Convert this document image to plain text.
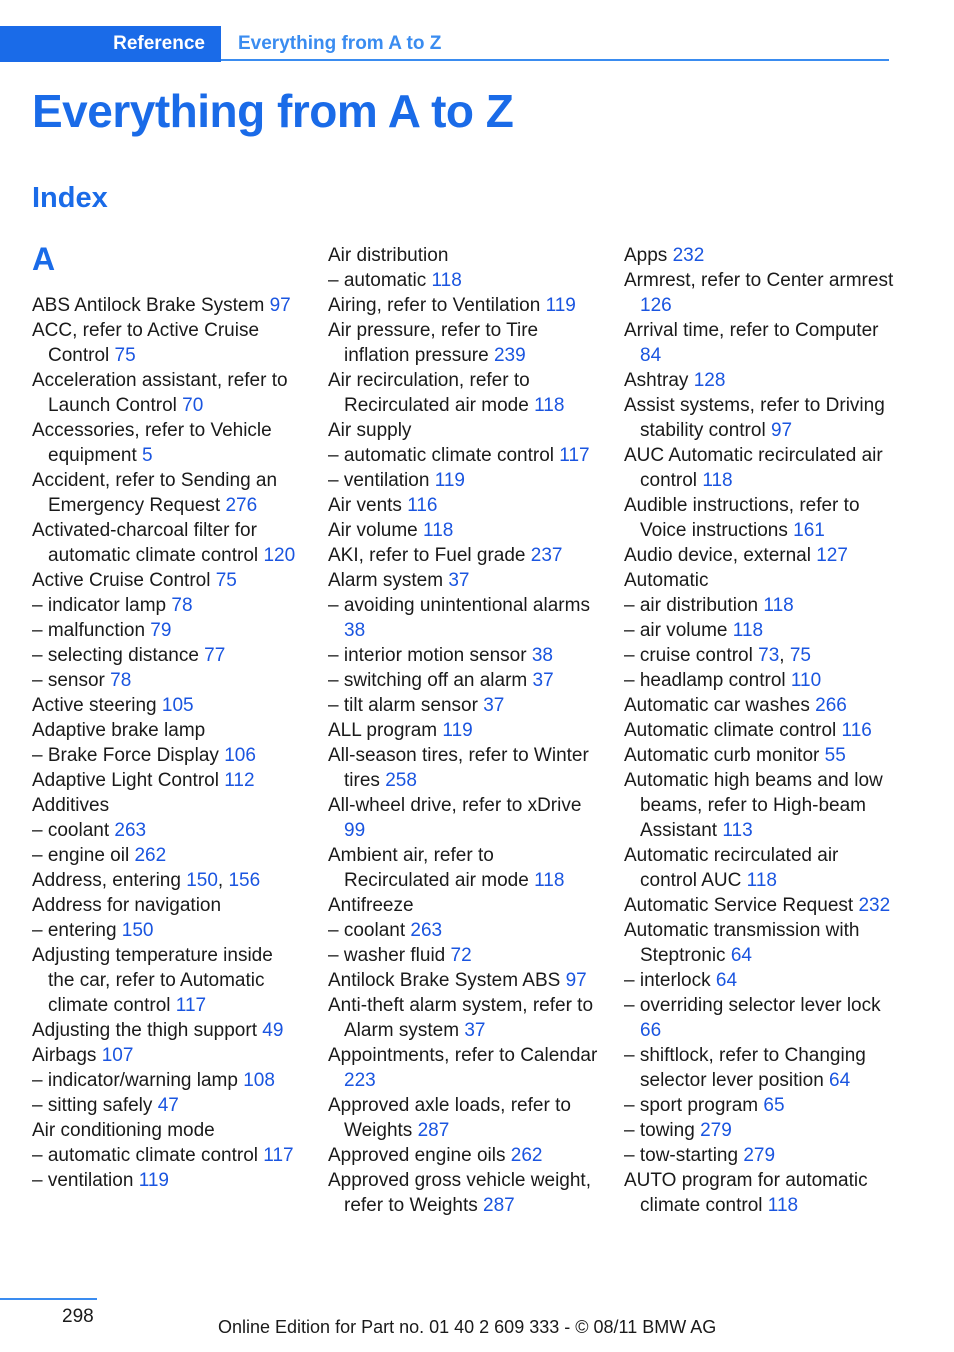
Reference Everything from A to Z
Everything from A to Z
Index
A

ABS Antilock Brake System 97

ACC, refer to Active Cruise Control 75

Acceleration assistant, refer to Launch Control 70

Accessories, refer to Vehicle equipment 5

Accident, refer to Sending an Emergency Request 276

Activated-charcoal filter for automatic climate control 120

Active Cruise Control 75

– indicator lamp 78

– malfunction 79

– selecting distance 77

– sensor 78

Active steering 105

Adaptive brake lamp

– Brake Force Display 106

Adaptive Light Control 112

Additives

– coolant 263

– engine oil 262

Address, entering 150, 156

Address for navigation

– entering 150

Adjusting temperature inside the car, refer to Automatic climate control 117

Adjusting the thigh support 49

Airbags 107

– indicator/warning lamp 108

– sitting safely 47

Air conditioning mode

– automatic climate control 117

– ventilation 119

Air distribution

– automatic 118

Airing, refer to Ventilation 119

Air pressure, refer to Tire inflation pressure 239

Air recirculation, refer to Recirculated air mode 118

Air supply

– automatic climate control 117

– ventilation 119

Air vents 116

Air volume 118

AKI, refer to Fuel grade 237

Alarm system 37

– avoiding unintentional alarms 38

– interior motion sensor 38

– switching off an alarm 37

– tilt alarm sensor 37

ALL program 119

All-season tires, refer to Winter tires 258

All-wheel drive, refer to xDrive 99

Ambient air, refer to Recirculated air mode 118

Antifreeze

– coolant 263

– washer fluid 72

Antilock Brake System ABS 97

Anti-theft alarm system, refer to Alarm system 37

Appointments, refer to Calendar 223

Approved axle loads, refer to Weights 287

Approved engine oils 262

Approved gross vehicle weight, refer to Weights 287

Apps 232

Armrest, refer to Center armrest 126

Arrival time, refer to Computer 84

Ashtray 128

Assist systems, refer to Driving stability control 97

AUC Automatic recirculated air control 118

Audible instructions, refer to Voice instructions 161

Audio device, external 127

Automatic

– air distribution 118

– air volume 118

– cruise control 73, 75

– headlamp control 110

Automatic car washes 266

Automatic climate control 116

Automatic curb monitor 55

Automatic high beams and low beams, refer to High-beam Assistant 113

Automatic recirculated air control AUC 118

Automatic Service Request 232

Automatic transmission with Steptronic 64

– interlock 64

– overriding selector lever lock 66

– shiftlock, refer to Changing selector lever position 64

– sport program 65

– towing 279

– tow-starting 279

AUTO program for automatic climate control 118

298	Online Edition for Part no. 01 40 2 609 333 - © 08/11 BMW AG
